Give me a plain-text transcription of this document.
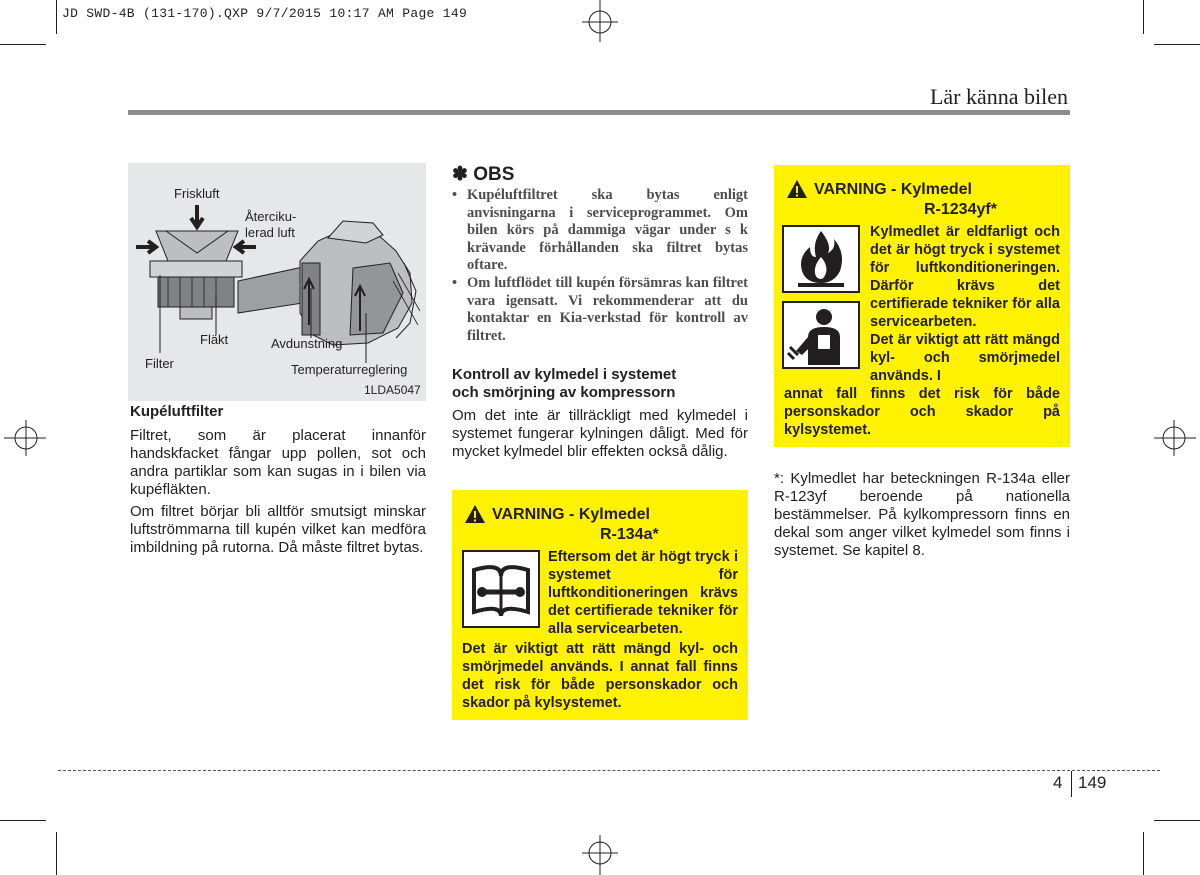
JD SWD-4B (131-170).QXP 9/7/2015 10:17 AM Page 149
Lär känna bilen
Friskluft
Återciku-
lerad luft
Fläkt	Avdunstning
Filter	Temperaturreglering
1LDA5047
Kupéluftfilter

Filtret, som är placerat innanför handskfacket fångar upp pollen, sot och andra partiklar som kan sugas in i bilen via kupéfläkten.

Om filtret börjar bli alltför smutsigt minskar luftströmmarna till kupén vilket kan medföra imbildning på rutorna. Då måste filtret bytas.

✽ OBS

• Kupéluftfiltret ska bytas enligt anvisningarna i serviceprogrammet. Om bilen körs på dammiga vägar under s k krävande förhållanden ska filtret bytas oftare.

• Om luftflödet till kupén försämras kan filtret vara igensatt. Vi rekommenderar att du kontaktar en Kia-verkstad för kontroll av filtret.

Kontroll av kylmedel i systemet
och smörjning av kompressorn

Om det inte är tillräckligt med kylmedel i systemet fungerar kylningen dåligt. Med för mycket kylmedel blir effekten också dålig.

VARNING - Kylmedel
R-134a*
Eftersom det är högt tryck i systemet för luftkonditioneringen krävs det certifierade tekniker för alla servicearbeten.
Det är viktigt att rätt mängd kyl- och smörjmedel används. I annat fall finns det risk för både personskador och skador på kylsystemet.
VARNING - Kylmedel
R-1234yf*
Kylmedlet är eldfarligt och det är högt tryck i systemet för luftkonditioneringen. Därför krävs det certifierade tekniker för alla servicearbeten.
Det är viktigt att rätt mängd kyl- och smörjmedel används. I
annat fall finns det risk för både personskador och skador på kylsystemet.
*: Kylmedlet har beteckningen R-134a eller R-123yf beroende på nationella bestämmelser. På kylkompressorn finns en dekal som anger vilket kylmedel som finns i systemet. Se kapitel 8.
4 149
